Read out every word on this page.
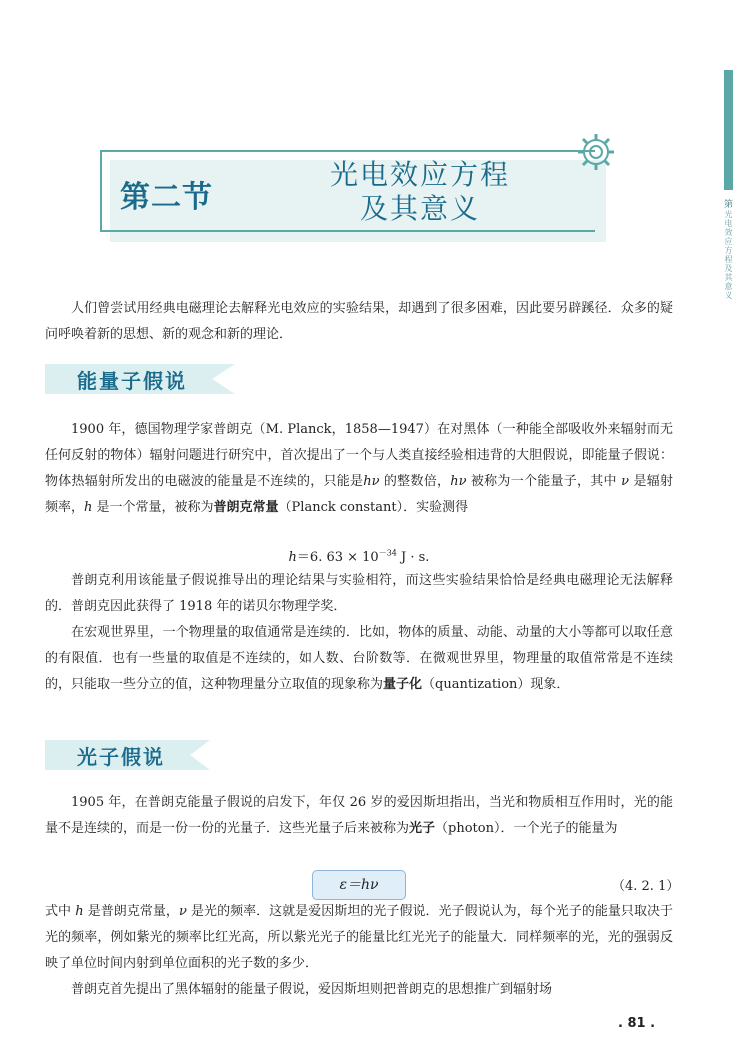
第
光电效应方程及其意义
第二节
光电效应方程
及其意义
人们曾尝试用经典电磁理论去解释光电效应的实验结果，却遇到了很多困难，因此要另辟蹊径．众多的疑问呼唤着新的思想、新的观念和新的理论．
能量子假说
1900 年，德国物理学家普朗克（M. Planck，1858—1947）在对黑体（一种能全部吸收外来辐射而无任何反射的物体）辐射问题进行研究中，首次提出了一个与人类直接经验相违背的大胆假说，即能量子假说：物体热辐射所发出的电磁波的能量是不连续的，只能是hν 的整数倍，hν 被称为一个能量子，其中 ν 是辐射频率，h 是一个常量，被称为普朗克常量（Planck constant）．实验测得
h＝6. $63 \times 10^{-34}$ J · s.
普朗克利用该能量子假说推导出的理论结果与实验相符，而这些实验结果恰恰是经典电磁理论无法解释的．普朗克因此获得了 1918 年的诺贝尔物理学奖．
在宏观世界里，一个物理量的取值通常是连续的．比如，物体的质量、动能、动量的大小等都可以取任意的有限值．也有一些量的取值是不连续的，如人数、台阶数等．在微观世界里，物理量的取值常常是不连续的，只能取一些分立的值，这种物理量分立取值的现象称为量子化（quantization）现象．
光子假说
1905 年，在普朗克能量子假说的启发下，年仅 26 岁的爱因斯坦指出，当光和物质相互作用时，光的能量不是连续的，而是一份一份的光量子．这些光量子后来被称为光子（photon）．一个光子的能量为
ε＝hν	（4. 2. 1）
式中 h 是普朗克常量，ν 是光的频率．这就是爱因斯坦的光子假说．光子假说认为，每个光子的能量只取决于光的频率，例如紫光的频率比红光高，所以紫光光子的能量比红光光子的能量大．同样频率的光，光的强弱反映了单位时间内射到单位面积的光子数的多少．
普朗克首先提出了黑体辐射的能量子假说，爱因斯坦则把普朗克的思想推广到辐射场
. 81 .
